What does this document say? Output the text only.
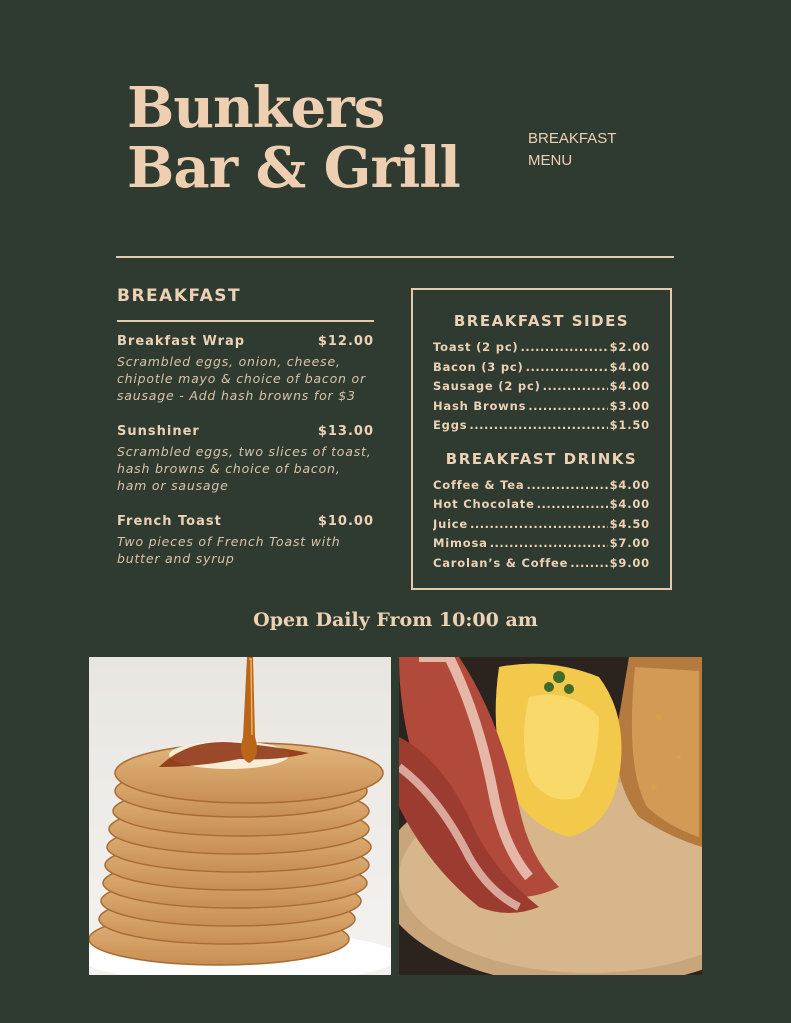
Bunkers
Bar & Grill	BREAKFAST
MENU
BREAKFAST
Breakfast Wrap	$12.00
Scrambled eggs, onion, cheese, chipotle mayo & choice of bacon or sausage - Add hash browns for $3
Sunshiner	$13.00
Scrambled eggs, two slices of toast, hash browns & choice of bacon, ham or sausage
French Toast	$10.00
Two pieces of French Toast with butter and syrup
BREAKFAST SIDES
Toast (2 pc) .....	$2.00
Bacon (3 pc) .....	$4.00
Sausage (2 pc) .....	$4.00
Hash Browns .....	$3.00
Eggs .....	$1.50
BREAKFAST DRINKS
Coffee & Tea .....	$4.00
Hot Chocolate .....	$4.00
Juice .....	$4.50
Mimosa .....	$7.00
Carolan’s & Coffee .....	$9.00
Open Daily From 10:00 am
